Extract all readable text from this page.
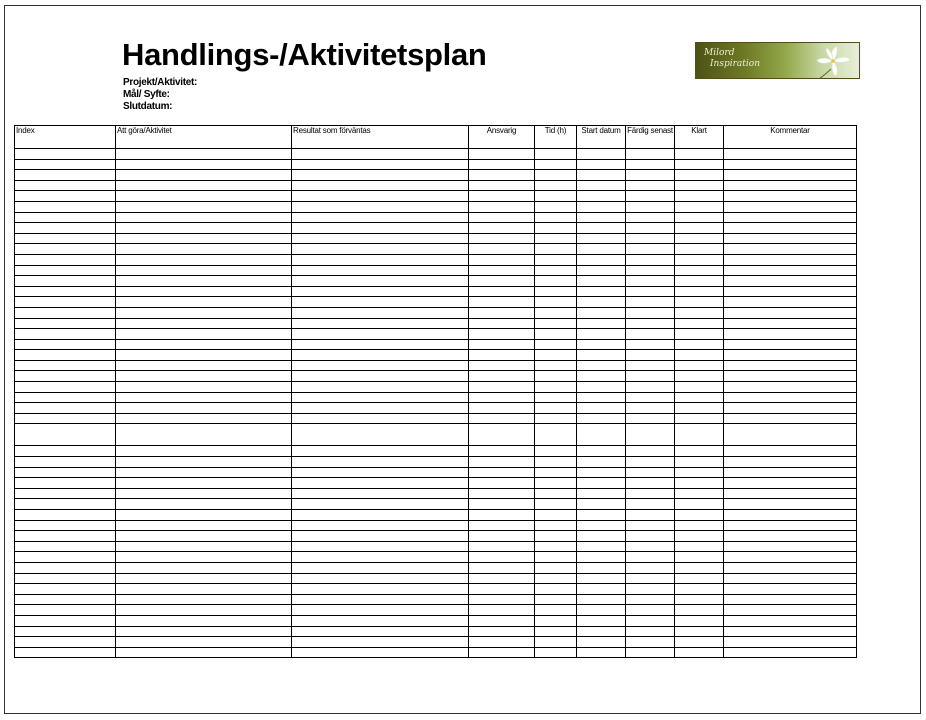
Handlings-/Aktivitetsplan
Projekt/Aktivitet:
Mål/ Syfte:
Slutdatum:
Milord
Inspiration
Index	Att göra/Aktivitet	Resultat som förväntas	Ansvarig	Tid (h)	Start datum	Färdig senast	Klart	Kommentar
